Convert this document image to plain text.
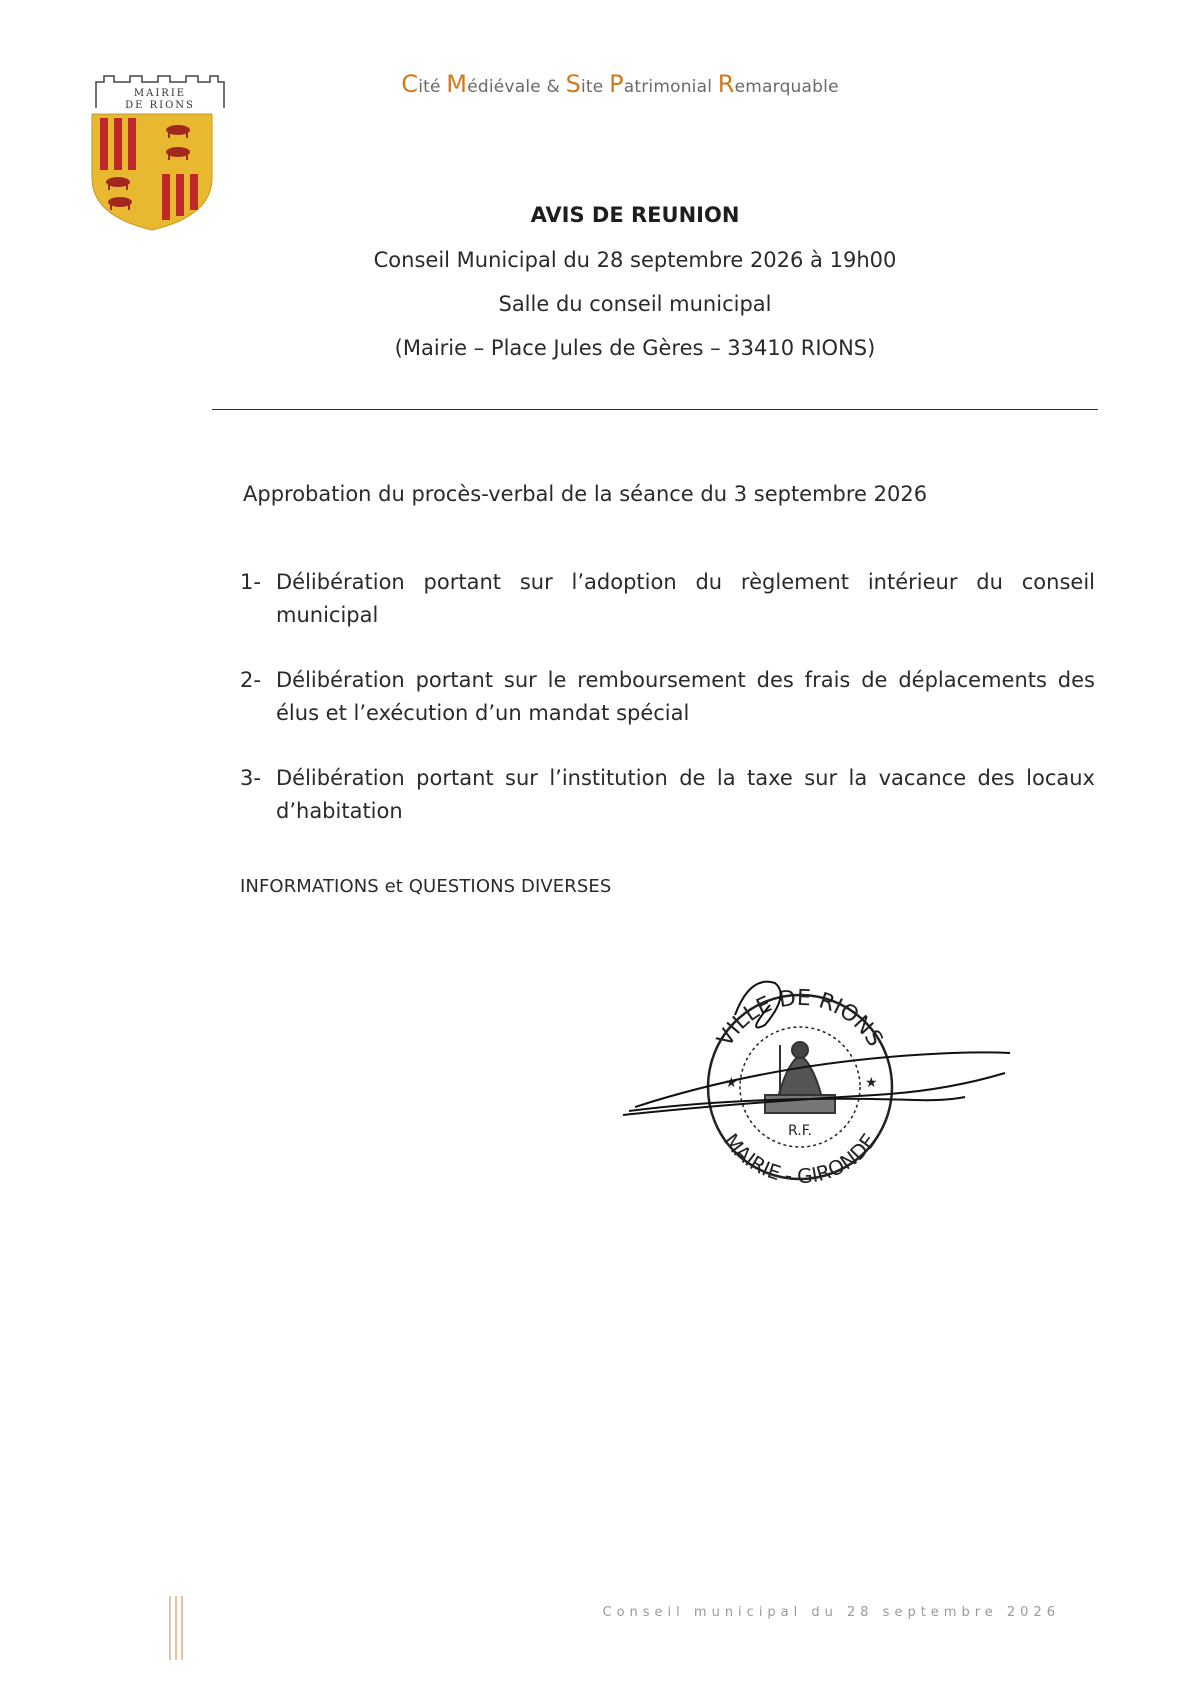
MAIRIE
DE RIONS
Cité Médiévale & Site Patrimonial Remarquable
AVIS DE REUNION
Conseil Municipal du 28 septembre 2026 à 19h00
Salle du conseil municipal
(Mairie – Place Jules de Gères – 33410 RIONS)
Approbation du procès-verbal de la séance du 3 septembre 2026
1- Délibération portant sur l’adoption du règlement intérieur du conseil municipal
2- Délibération portant sur le remboursement des frais de déplacements des élus et l’exécution d’un mandat spécial
3- Délibération portant sur l’institution de la taxe sur la vacance des locaux d’habitation
INFORMATIONS et QUESTIONS DIVERSES
VILLE DE RIONS
MAIRIE - GIRONDE
R.F.
★	★
Conseil municipal du 28 septembre 2026
